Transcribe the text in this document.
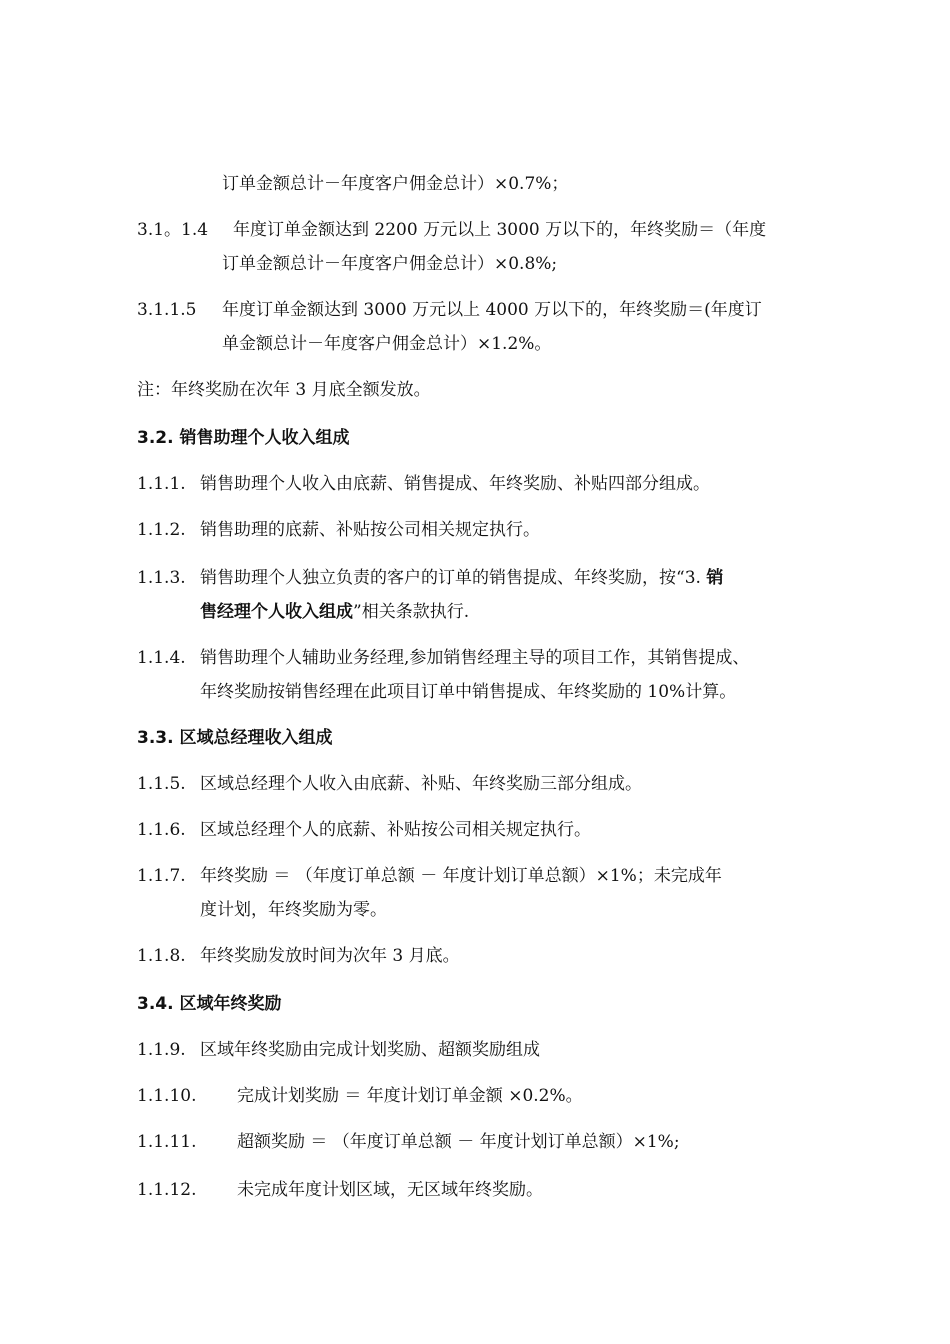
订单金额总计－年度客户佣金总计）×0.7%；
3.1。1.4 年度订单金额达到 2200 万元以上 3000 万以下的，年终奖励＝（年度
订单金额总计－年度客户佣金总计）×0.8%;
3.1.1.5 年度订单金额达到 3000 万元以上 4000 万以下的，年终奖励＝(年度订
单金额总计－年度客户佣金总计）×1.2%。
注：年终奖励在次年 3 月底全额发放。
3.2. 销售助理个人收入组成
1.1.1. 销售助理个人收入由底薪、销售提成、年终奖励、补贴四部分组成。
1.1.2. 销售助理的底薪、补贴按公司相关规定执行。
1.1.3. 销售助理个人独立负责的客户的订单的销售提成、年终奖励，按“3. 销
售经理个人收入组成”相关条款执行.
1.1.4. 销售助理个人辅助业务经理,参加销售经理主导的项目工作，其销售提成、
年终奖励按销售经理在此项目订单中销售提成、年终奖励的 10%计算。
3.3. 区域总经理收入组成
1.1.5. 区域总经理个人收入由底薪、补贴、年终奖励三部分组成。
1.1.6. 区域总经理个人的底薪、补贴按公司相关规定执行。
1.1.7. 年终奖励 ＝ （年度订单总额 － 年度计划订单总额）×1%；未完成年
度计划，年终奖励为零。
1.1.8. 年终奖励发放时间为次年 3 月底。
3.4. 区域年终奖励
1.1.9. 区域年终奖励由完成计划奖励、超额奖励组成
1.1.10. 完成计划奖励 ＝ 年度计划订单金额 ×0.2%。
1.1.11. 超额奖励 ＝ （年度订单总额 － 年度计划订单总额）×1%;
1.1.12. 未完成年度计划区域，无区域年终奖励。
